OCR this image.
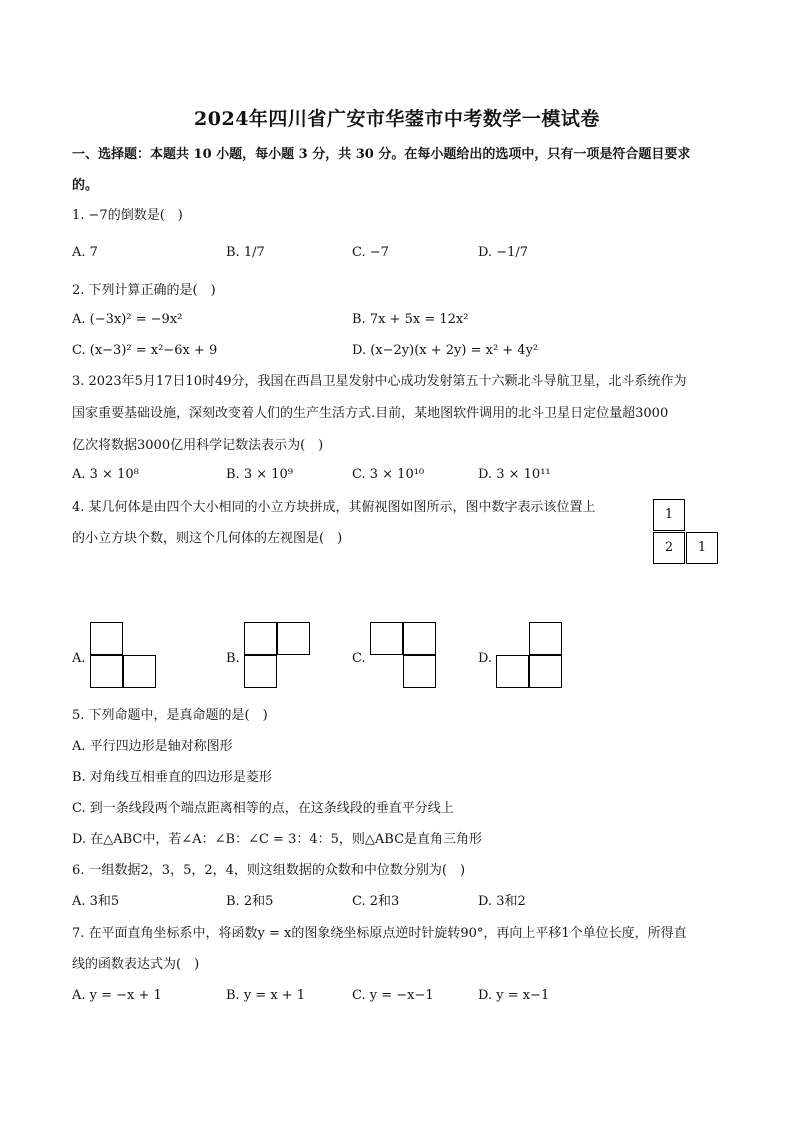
2024年四川省广安市华蓥市中考数学一模试卷
一、选择题：本题共 10 小题，每小题 3 分，共 30 分。在每小题给出的选项中，只有一项是符合题目要求
的。
1. −7的倒数是(　)
A. 7	B. 1/7	C. −7	D. −1/7
2. 下列计算正确的是(　)
A. (−3x)² = −9x²	B. 7x + 5x = 12x²
C. (x−3)² = x²−6x + 9	D. (x−2y)(x + 2y) = x² + 4y²
3. 2023年5月17日10时49分，我国在西昌卫星发射中心成功发射第五十六颗北斗导航卫星，北斗系统作为
国家重要基础设施，深刻改变着人们的生产生活方式.目前，某地图软件调用的北斗卫星日定位量超3000
亿次将数据3000亿用科学记数法表示为(　)
A. 3 × 10⁸	B. 3 × 10⁹	C. 3 × 10¹⁰	D. 3 × 10¹¹
4. 某几何体是由四个大小相同的小立方块拼成，其俯视图如图所示，图中数字表示该位置上
的小立方块个数，则这个几何体的左视图是(　)
1
2	1
A.	B.	C.	D.
5. 下列命题中，是真命题的是(　)
A. 平行四边形是轴对称图形
B. 对角线互相垂直的四边形是菱形
C. 到一条线段两个端点距离相等的点，在这条线段的垂直平分线上
D. 在△ABC中，若∠A：∠B：∠C = 3：4：5，则△ABC是直角三角形
6. 一组数据2，3，5，2，4，则这组数据的众数和中位数分别为(　)
A. 3和5	B. 2和5	C. 2和3	D. 3和2
7. 在平面直角坐标系中，将函数y = x的图象绕坐标原点逆时针旋转90°，再向上平移1个单位长度，所得直
线的函数表达式为(　)
A. y = −x + 1	B. y = x + 1	C. y = −x−1	D. y = x−1
